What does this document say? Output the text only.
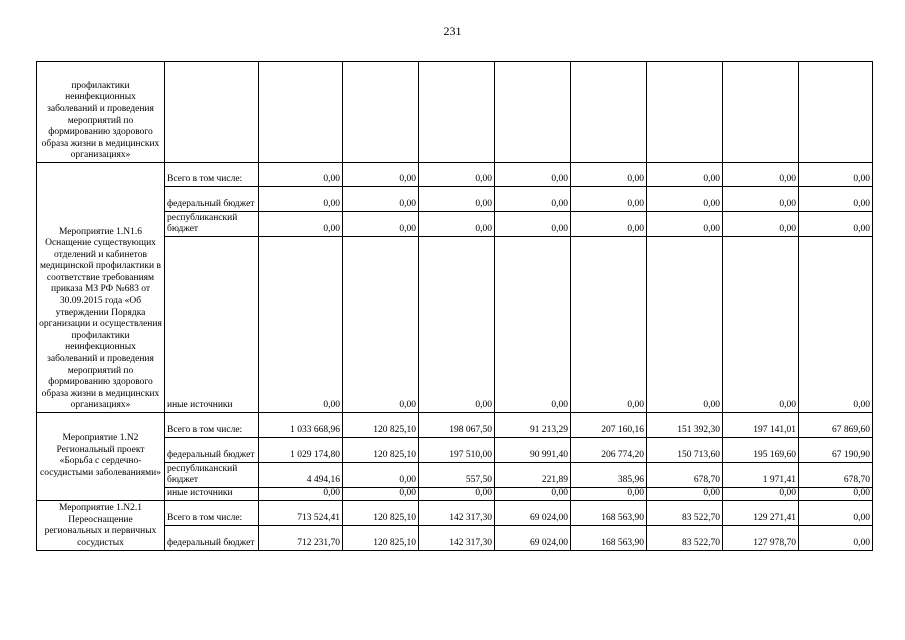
231
профилактики неинфекционных заболеваний и проведения мероприятий по формированию здорового образа жизни в медицинских организациях»									
Мероприятие 1.N1.6 Оснащение существующих отделений и кабинетов медицинской профилактики в соответствие требованиям приказа МЗ РФ №683 от 30.09.2015 года «Об утверждении Порядка организации и осуществления профилактики неинфекционных заболеваний и проведения мероприятий по формированию здорового образа жизни в медицинских организациях»	Всего в том числе:	0,00	0,00	0,00	0,00	0,00	0,00	0,00	0,00
	федеральный бюджет	0,00	0,00	0,00	0,00	0,00	0,00	0,00	0,00
	республиканский бюджет	0,00	0,00	0,00	0,00	0,00	0,00	0,00	0,00
	иные источники	0,00	0,00	0,00	0,00	0,00	0,00	0,00	0,00
Мероприятие 1.N2 Региональный проект «Борьба с сердечно-сосудистыми заболеваниями»	Всего в том числе:	1 033 668,96	120 825,10	198 067,50	91 213,29	207 160,16	151 392,30	197 141,01	67 869,60
	федеральный бюджет	1 029 174,80	120 825,10	197 510,00	90 991,40	206 774,20	150 713,60	195 169,60	67 190,90
	республиканский бюджет	4 494,16	0,00	557,50	221,89	385,96	678,70	1 971,41	678,70
	иные источники	0,00	0,00	0,00	0,00	0,00	0,00	0,00	0,00
Мероприятие 1.N2.1 Переоснащение региональных и первичных сосудистых	Всего в том числе:	713 524,41	120 825,10	142 317,30	69 024,00	168 563,90	83 522,70	129 271,41	0,00
	федеральный бюджет	712 231,70	120 825,10	142 317,30	69 024,00	168 563,90	83 522,70	127 978,70	0,00
